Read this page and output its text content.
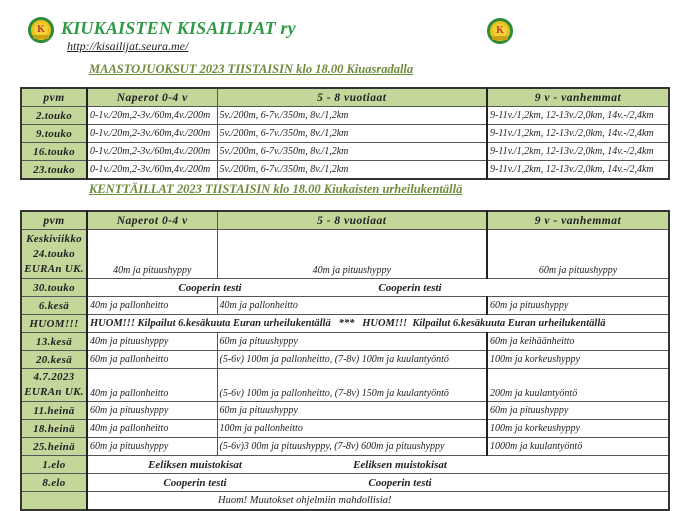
K KIUKAISTEN KISAILIJAT ry
http://kisailijat.seura.me/
K
MAASTOJUOKSUT 2023 TIISTAISIN klo 18.00 Kiuasradalla
pvm	Naperot 0-4 v	5 - 8 vuotiaat	9 v - vanhemmat
2.touko	0-1v./20m,2-3v./60m,4v./200m	5v./200m, 6-7v./350m, 8v./1,2km	9-11v./1,2km, 12-13v./2,0km, 14v.-/2,4km
9.touko	0-1v./20m,2-3v./60m,4v./200m	5v./200m, 6-7v./350m, 8v./1,2km	9-11v./1,2km, 12-13v./2,0km, 14v.-/2,4km
16.touko	0-1v./20m,2-3v./60m,4v./200m	5v./200m, 6-7v./350m, 8v./1,2km	9-11v./1,2km, 12-13v./2,0km, 14v.-/2,4km
23.touko	0-1v./20m,2-3v./60m,4v./200m	5v./200m, 6-7v./350m, 8v./1,2km	9-11v./1,2km, 12-13v./2,0km, 14v.-/2,4km
KENTTÄILLAT 2023 TIISTAISIN klo 18.00 Kiukaisten urheilukentällä
pvm	Naperot 0-4 v	5 - 8 vuotiaat	9 v - vanhemmat

Keskiviikko
24.touko
EURAn UK.	40m ja pituushyppy	40m ja pituushyppy	60m ja pituushyppy
30.touko	Cooperin testi Cooperin testi		
6.kesä	40m ja pallonheitto	40m ja pallonheitto	60m ja pituushyppy
HUOM!!!	HUOM!!! Kilpailut 6.kesäkuuta Euran urheilukentällä   ***   HUOM!!!  Kilpailut 6.kesäkuuta Euran urheilukentällä		
13.kesä	40m ja pituushyppy	60m ja pituushyppy	60m ja keihäänheitto
20.kesä	60m ja pallonheitto	(5-6v) 100m ja pallonheitto, (7-8v) 100m ja kuulantyöntö	100m ja korkeushyppy

4.7.2023
EURAn UK.	40m ja pallonheitto	(5-6v) 100m ja pallonheitto, (7-8v) 150m ja kuulantyöntö	200m ja kuulantyöntö
11.heinä	60m ja pituushyppy	60m ja pituushyppy	60m ja pituushyppy
18.heinä	40m ja pallonheitto	100m ja pallonheitto	100m ja korkeushyppy
25.heinä	60m ja pituushyppy	(5-6v)3 00m ja pituushyppy, (7-8v) 600m ja pituushyppy	1000m ja kuulantyöntö
1.elo	Eeliksen muistokisat Eeliksen muistokisat		
8.elo	Cooperin testi Cooperin testi		
	Huom! Muutokset ohjelmiin mahdollisia!		
